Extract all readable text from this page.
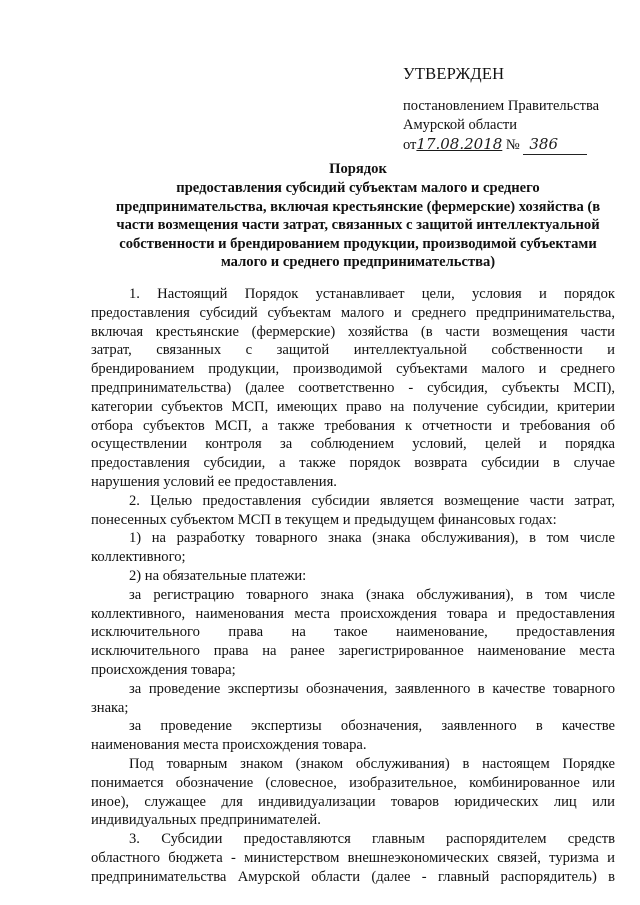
УТВЕРЖДЕН
постановлением Правительства
Амурской области
от17.08.2018 № 386
Порядок
предоставления субсидий субъектам малого и среднего
предпринимательства, включая крестьянские (фермерские) хозяйства (в
части возмещения части затрат, связанных с защитой интеллектуальной
собственности и брендированием продукции, производимой субъектами
малого и среднего предпринимательства)
1. Настоящий Порядок устанавливает цели, условия и порядок
предоставления субсидий субъектам малого и среднего предпринимательства,
включая крестьянские (фермерские) хозяйства (в части возмещения части
затрат, связанных с защитой интеллектуальной собственности и
брендированием продукции, производимой субъектами малого и среднего
предпринимательства) (далее соответственно - субсидия, субъекты МСП),
категории субъектов МСП, имеющих право на получение субсидии, критерии
отбора субъектов МСП, а также требования к отчетности и требования об
осуществлении контроля за соблюдением условий, целей и порядка
предоставления субсидии, а также порядок возврата субсидии в случае
нарушения условий ее предоставления.
2. Целью предоставления субсидии является возмещение части затрат,
понесенных субъектом МСП в текущем и предыдущем финансовых годах:
1) на разработку товарного знака (знака обслуживания), в том числе
коллективного;
2) на обязательные платежи:
за регистрацию товарного знака (знака обслуживания), в том числе
коллективного, наименования места происхождения товара и предоставления
исключительного права на такое наименование, предоставления
исключительного права на ранее зарегистрированное наименование места
происхождения товара;
за проведение экспертизы обозначения, заявленного в качестве товарного
знака;
за проведение экспертизы обозначения, заявленного в качестве
наименования места происхождения товара.
Под товарным знаком (знаком обслуживания) в настоящем Порядке
понимается обозначение (словесное, изобразительное, комбинированное или
иное), служащее для индивидуализации товаров юридических лиц или
индивидуальных предпринимателей.
3. Субсидии предоставляются главным распорядителем средств
областного бюджета - министерством внешнеэкономических связей, туризма и
предпринимательства Амурской области (далее - главный распорядитель) в
